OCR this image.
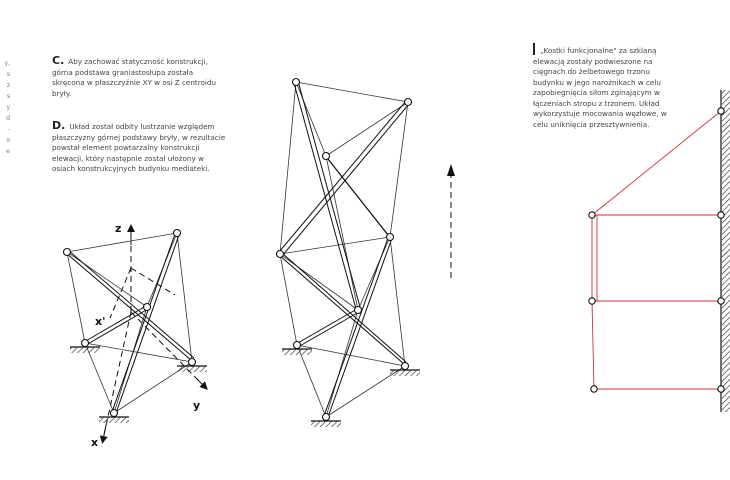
y,
s
z
s
y
d
-
o
e
C. Aby zachować statyczność konstrukcji, górna podstawa graniastosłupa została skręcona w płaszczyźnie XY w osi Z centroidu bryły.
D. Układ został odbity lustrzanie względem płaszczyzny górnej podstawy bryły, w rezultacie powstał element powtarzalny konstrukcji elewacji, który następnie został ułożony w osiach konstrukcyjnych budynku mediateki.
„Kostki funkcjonalne" za szklaną elewacją zostały podwieszone na cięgnach do żelbetowego trzonu budynku w jego narożnikach w celu zapobiegnięcia siłom zginającym w łączeniach stropu z trzonem. Układ wykorzystuje mocowania węzłowe, w celu uniknięcia przesztywnienia.
z
y
x
x'
